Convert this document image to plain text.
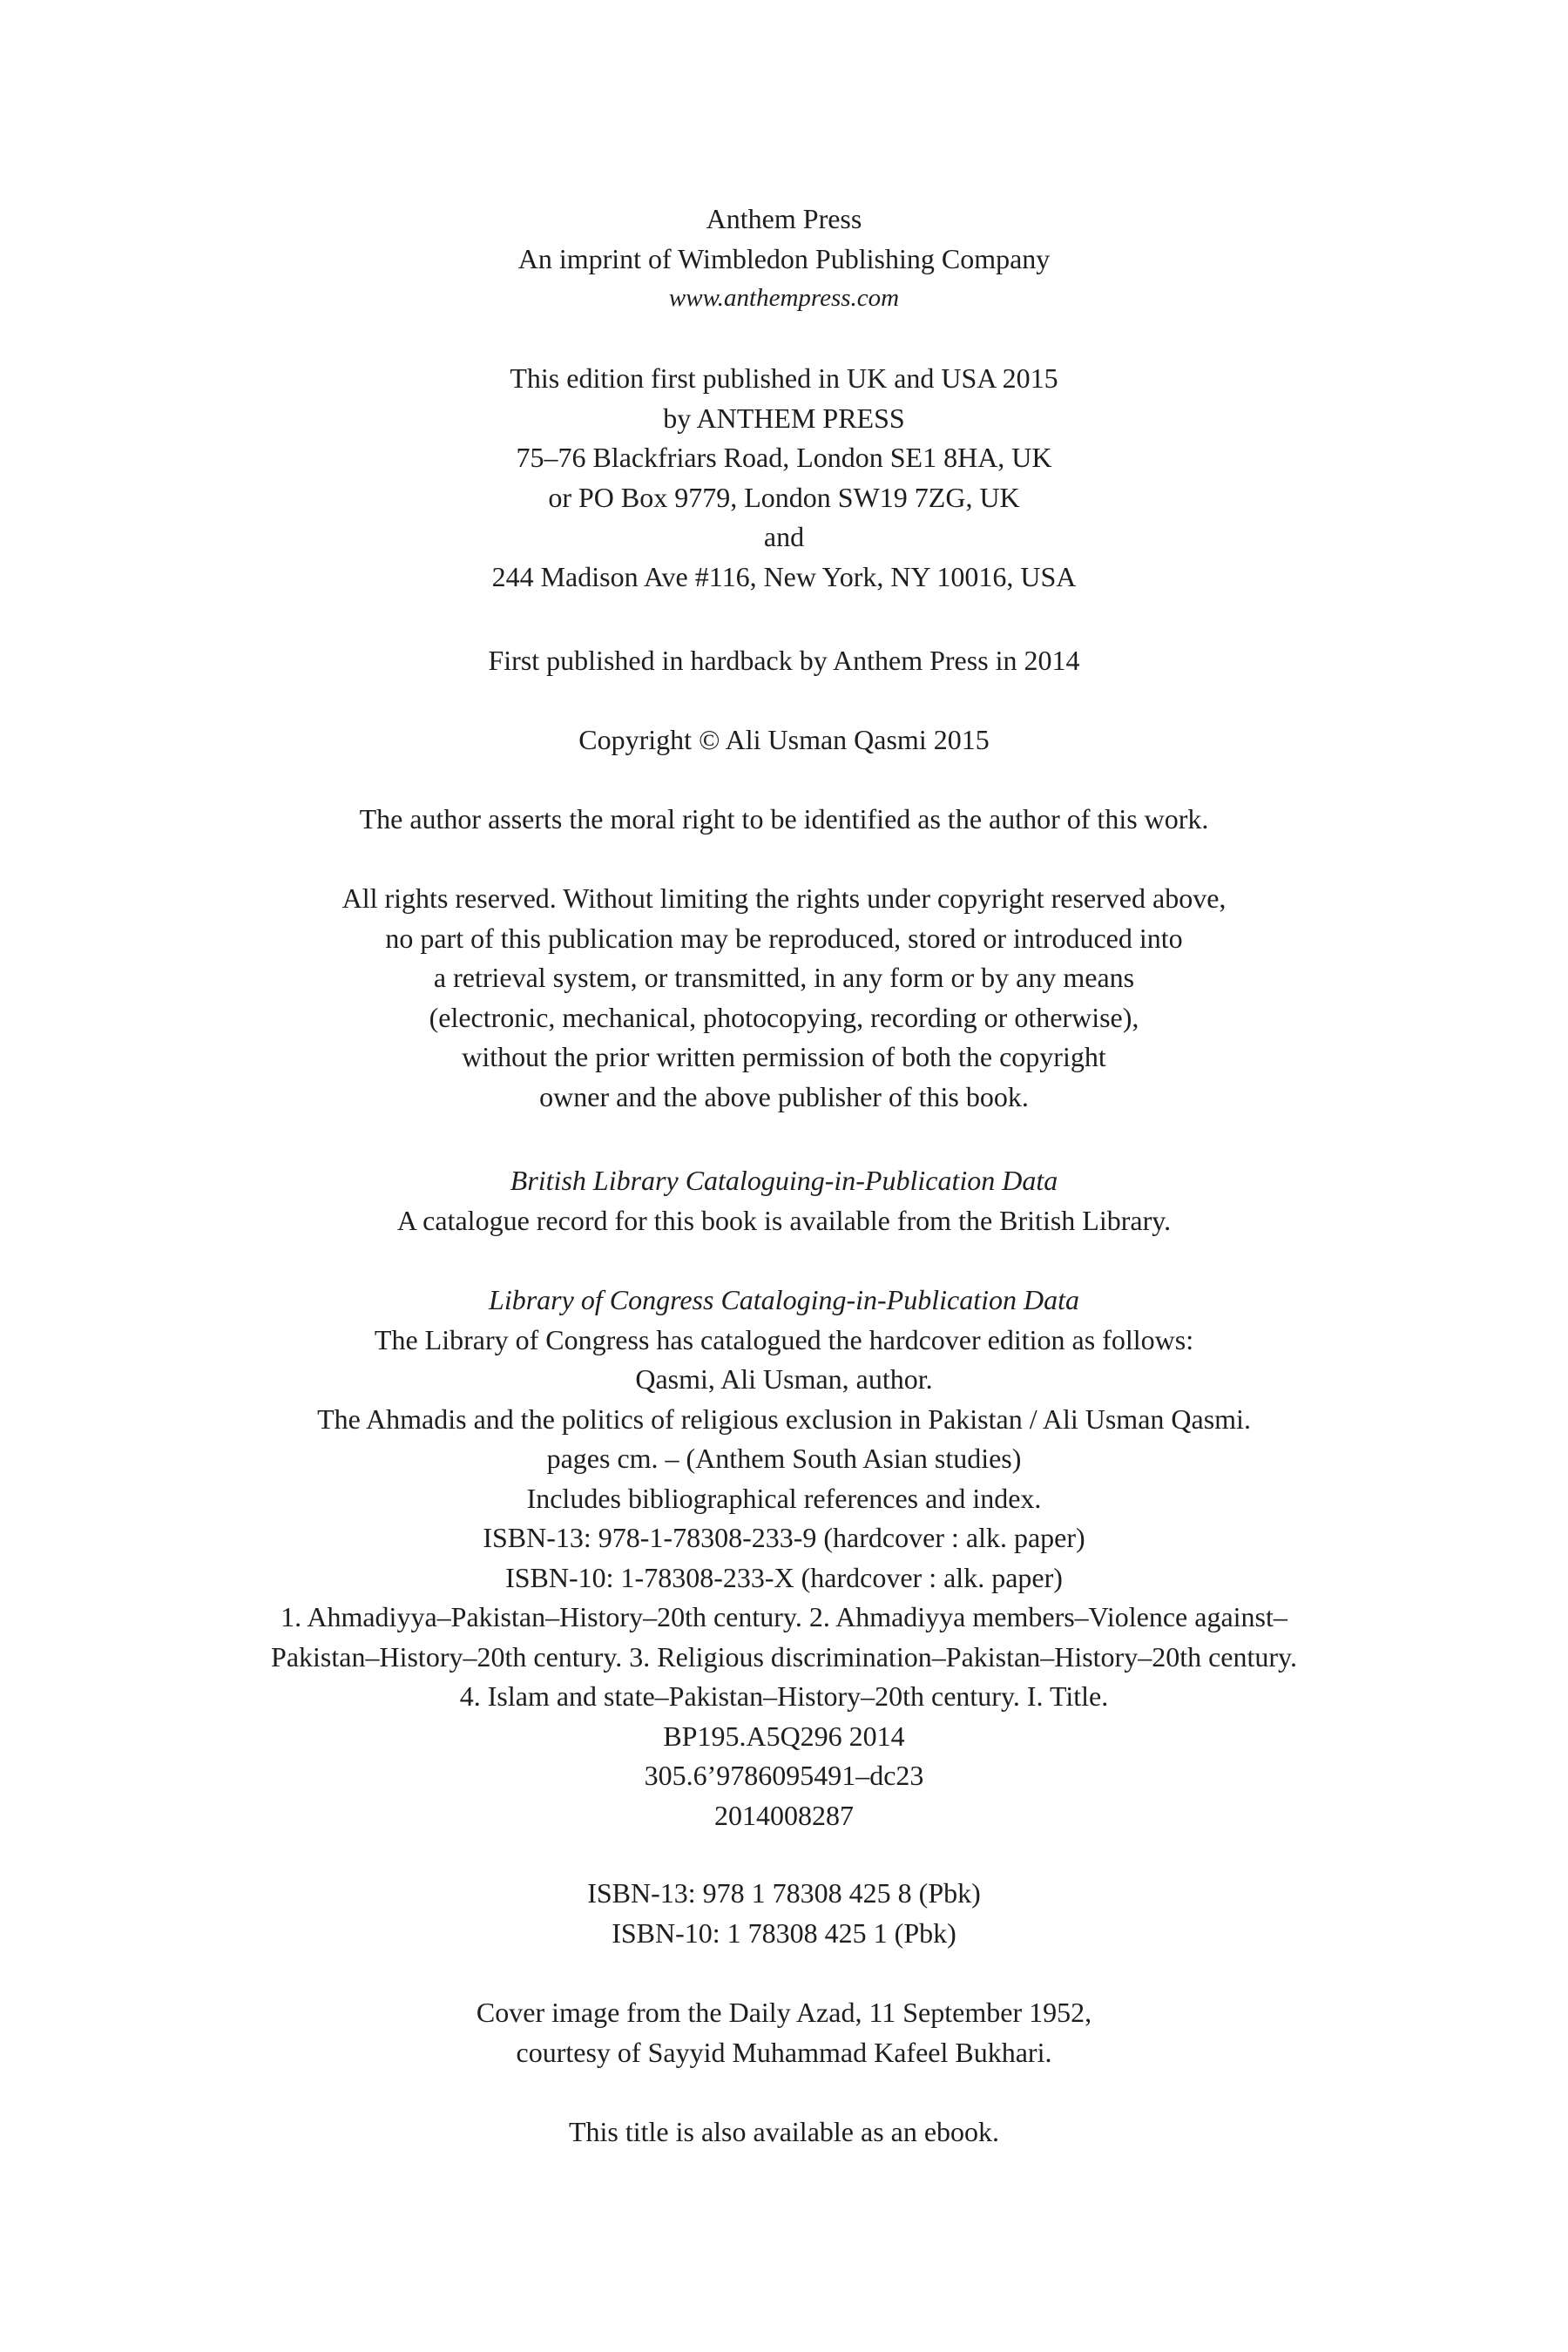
Anthem Press
An imprint of Wimbledon Publishing Company
www.anthempress.com
This edition first published in UK and USA 2015
by ANTHEM PRESS
75–76 Blackfriars Road, London SE1 8HA, UK
or PO Box 9779, London SW19 7ZG, UK
and
244 Madison Ave #116, New York, NY 10016, USA
First published in hardback by Anthem Press in 2014
Copyright © Ali Usman Qasmi 2015
The author asserts the moral right to be identified as the author of this work.
All rights reserved. Without limiting the rights under copyright reserved above,
no part of this publication may be reproduced, stored or introduced into
a retrieval system, or transmitted, in any form or by any means
(electronic, mechanical, photocopying, recording or otherwise),
without the prior written permission of both the copyright
owner and the above publisher of this book.
British Library Cataloguing-in-Publication Data
A catalogue record for this book is available from the British Library.
Library of Congress Cataloging-in-Publication Data
The Library of Congress has catalogued the hardcover edition as follows:
Qasmi, Ali Usman, author.
The Ahmadis and the politics of religious exclusion in Pakistan / Ali Usman Qasmi.
pages cm. – (Anthem South Asian studies)
Includes bibliographical references and index.
ISBN-13: 978-1-78308-233-9 (hardcover : alk. paper)
ISBN-10: 1-78308-233-X (hardcover : alk. paper)
1. Ahmadiyya–Pakistan–History–20th century. 2. Ahmadiyya members–Violence against–
Pakistan–History–20th century. 3. Religious discrimination–Pakistan–History–20th century.
4. Islam and state–Pakistan–History–20th century. I. Title.
BP195.A5Q296 2014
305.6’9786095491–dc23
2014008287
ISBN-13: 978 1 78308 425 8 (Pbk)
ISBN-10: 1 78308 425 1 (Pbk)
Cover image from the Daily Azad, 11 September 1952,
courtesy of Sayyid Muhammad Kafeel Bukhari.
This title is also available as an ebook.
